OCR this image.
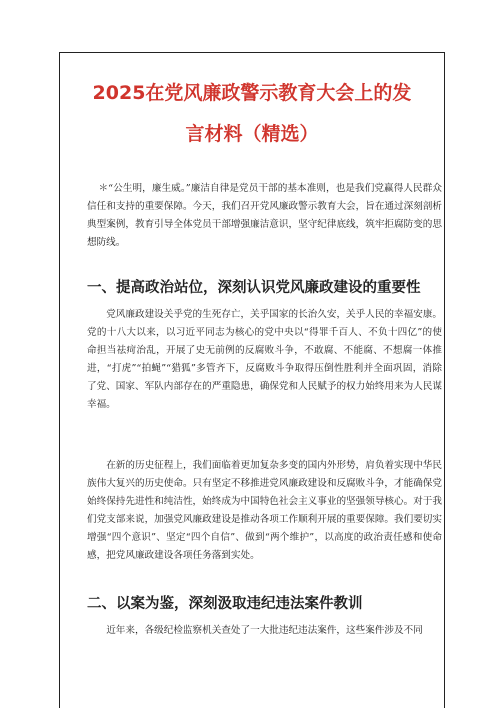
2025在党风廉政警示教育大会上的发
言材料（精选）

＊“公生明，廉生威。”廉洁自律是党员干部的基本准则，也是我们党赢得人民群众信任和支持的重要保障。今天，我们召开党风廉政警示教育大会，旨在通过深刻剖析典型案例，教育引导全体党员干部增强廉洁意识，坚守纪律底线，筑牢拒腐防变的思想防线。

一、提高政治站位，深刻认识党风廉政建设的重要性

党风廉政建设关乎党的生死存亡，关乎国家的长治久安，关乎人民的幸福安康。党的十八大以来，以习近平同志为核心的党中央以“得罪千百人、不负十四亿”的使命担当祛疴治乱，开展了史无前例的反腐败斗争，不敢腐、不能腐、不想腐一体推进，“打虎”“拍蝇”“猎狐”多管齐下，反腐败斗争取得压倒性胜利并全面巩固，消除了党、国家、军队内部存在的严重隐患，确保党和人民赋予的权力始终用来为人民谋幸福。

在新的历史征程上，我们面临着更加复杂多变的国内外形势，肩负着实现中华民族伟大复兴的历史使命。只有坚定不移推进党风廉政建设和反腐败斗争，才能确保党始终保持先进性和纯洁性，始终成为中国特色社会主义事业的坚强领导核心。对于我们党支部来说，加强党风廉政建设是推动各项工作顺利开展的重要保障。我们要切实增强“四个意识”、坚定“四个自信”、做到“两个维护”，以高度的政治责任感和使命感，把党风廉政建设各项任务落到实处。

二、以案为鉴，深刻汲取违纪违法案件教训

近年来，各级纪检监察机关查处了一大批违纪违法案件，这些案件涉及不同
